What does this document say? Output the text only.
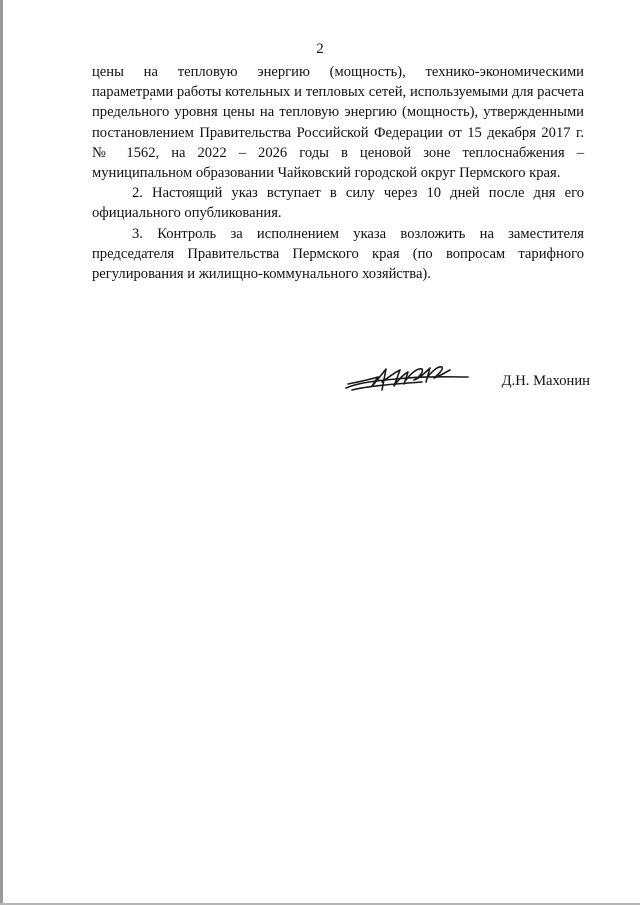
2

цены на тепловую энергию (мощность), технико-экономическими параметрами работы котельных и тепловых сетей, используемыми для расчета предельного уровня цены на тепловую энергию (мощность), утвержденными постановлением Правительства Российской Федерации от 15 декабря 2017 г. № 1562, на 2022 – 2026 годы в ценовой зоне теплоснабжения – муниципальном образовании Чайковский городской округ Пермского края.

2. Настоящий указ вступает в силу через 10 дней после дня его официального опубликования.

3. Контроль за исполнением указа возложить на заместителя председателя Правительства Пермского края (по вопросам тарифного регулирования и жилищно-коммунального хозяйства).

Д.Н. Махонин
